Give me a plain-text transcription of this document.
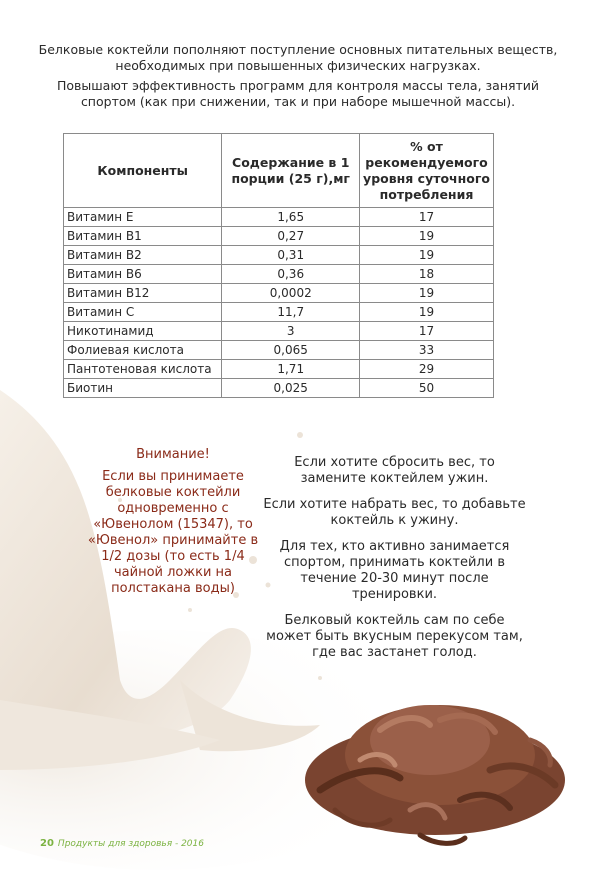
Белковые коктейли пополняют поступление основных питательных веществ, необходимых при повышенных физических нагрузках.

Повышают эффективность программ для контроля массы тела, занятий спортом (как при снижении, так и при наборе мышечной массы).

Компоненты	Содержание в 1 порции (25 г),мг	% от рекомендуемого уровня суточного потребления
Витамин Е	1,65	17
Витамин В1	0,27	19
Витамин В2	0,31	19
Витамин В6	0,36	18
Витамин В12	0,0002	19
Витамин С	11,7	19
Никотинамид	3	17
Фолиевая кислота	0,065	33
Пантотеновая кислота	1,71	29
Биотин	0,025	50

Внимание!

Если вы принимаете белковые коктейли одновременно с «Ювенолом (15347), то «Ювенол» принимайте в 1/2 дозы (то есть 1/4 чайной ложки на полстакана воды)

Если хотите сбросить вес, то замените коктейлем ужин.

Если хотите набрать вес, то добавьте коктейль к ужину.

Для тех, кто активно занимается спортом, принимать коктейли в течение 20-30 минут после тренировки.

Белковый коктейль сам по себе может быть вкусным перекусом там, где вас застанет голод.

20 Продукты для здоровья - 2016
